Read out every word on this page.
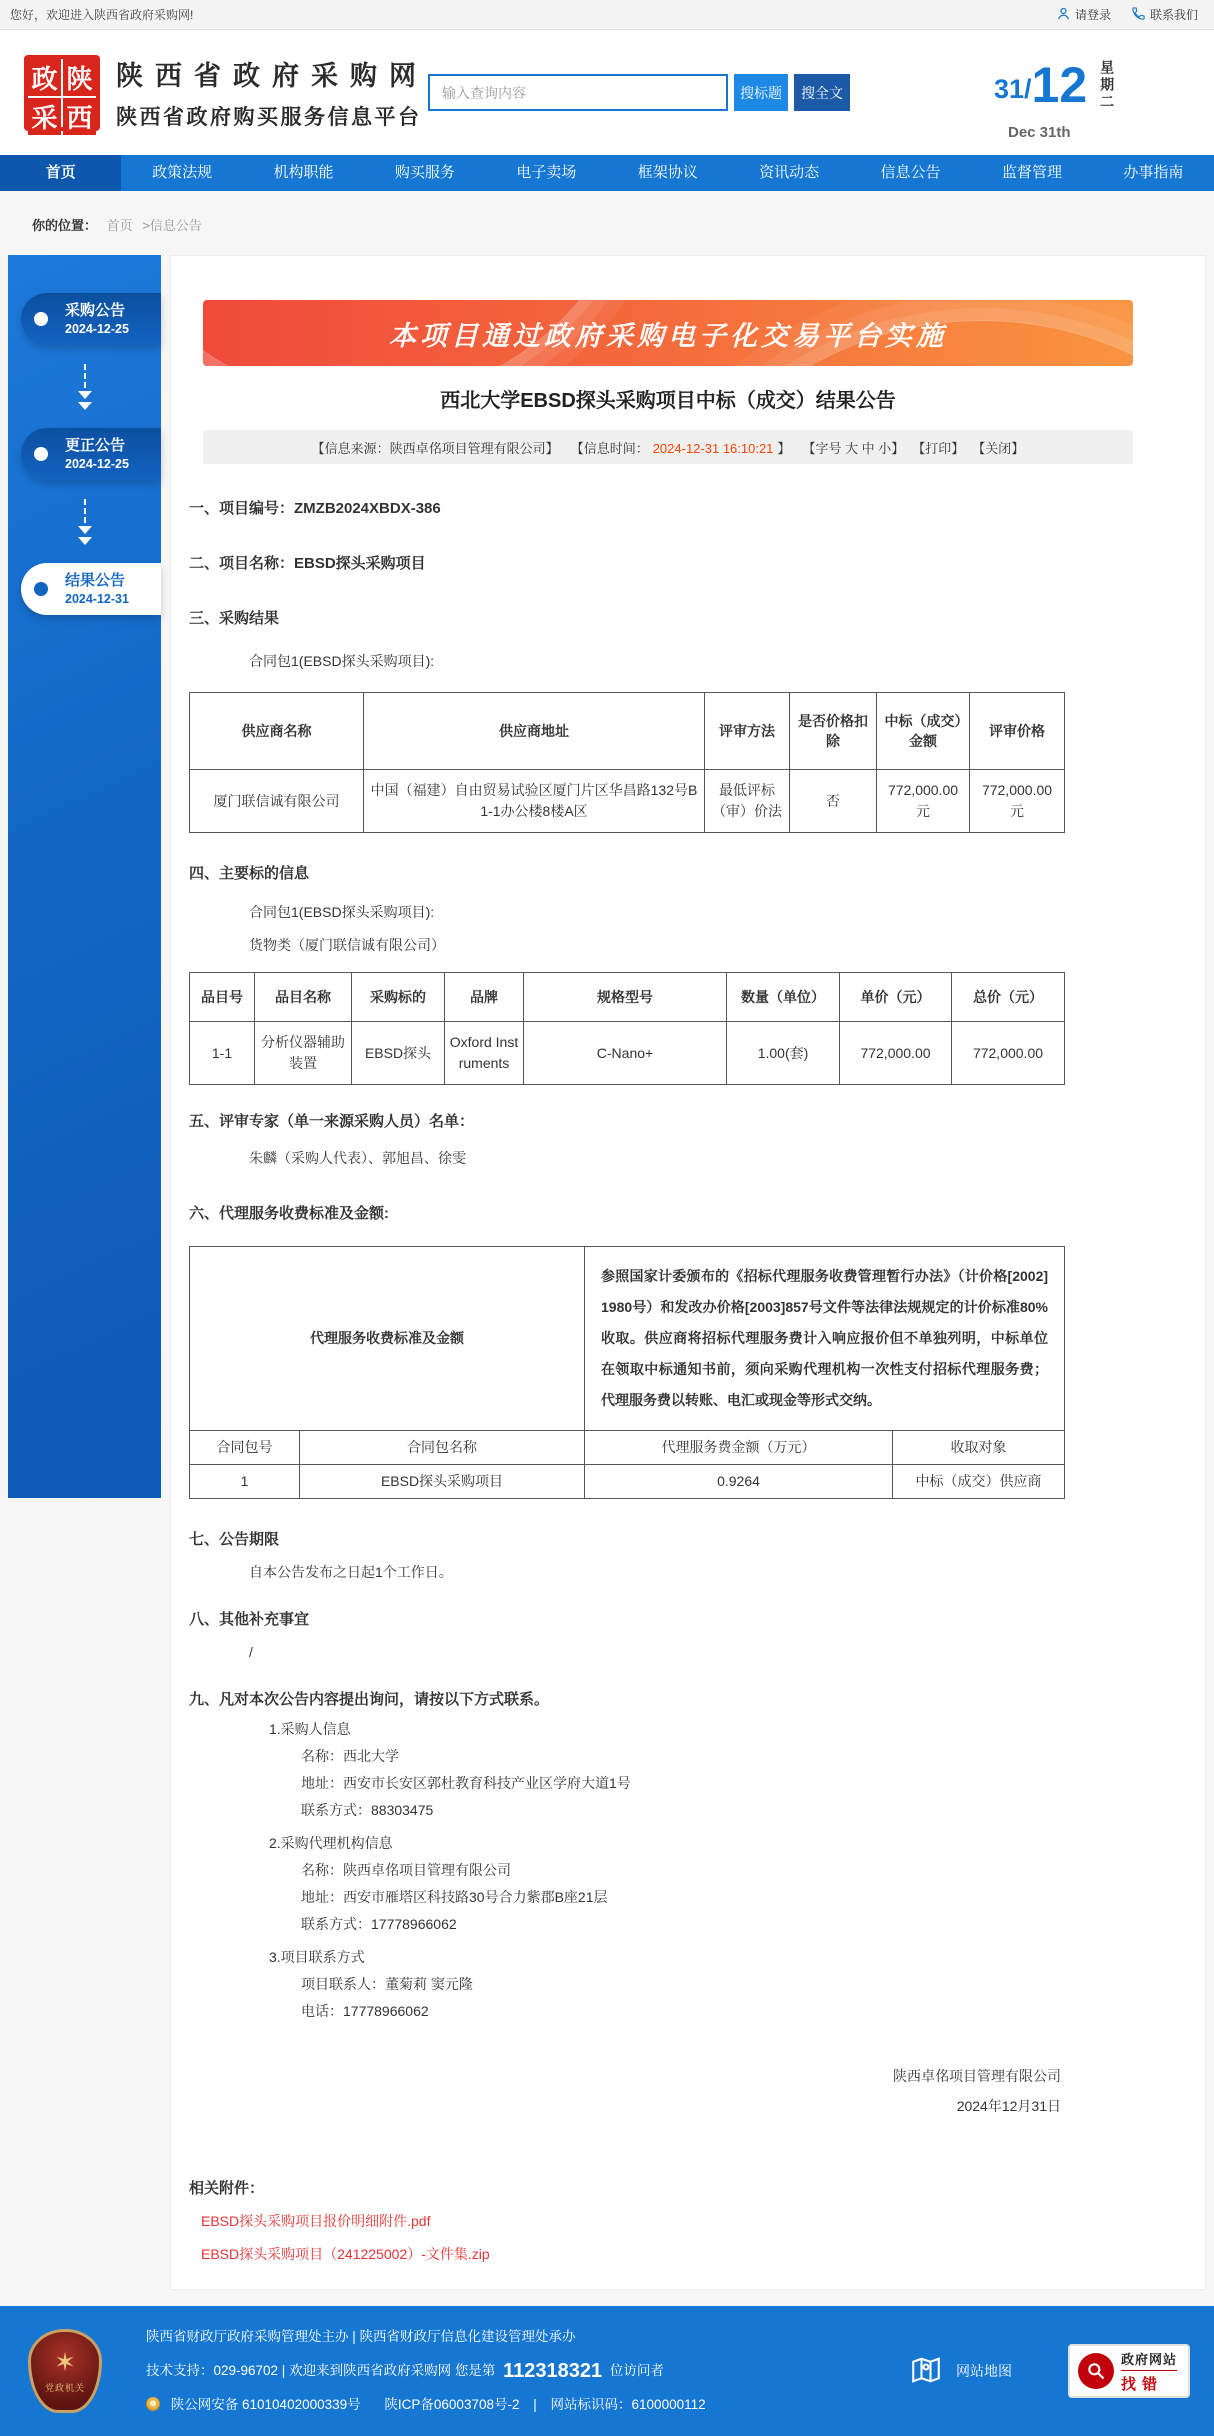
您好，欢迎进入陕西省政府采购网!	请登录	联系我们
政 陕
采 西
陕西省政府采购网
陕西省政府购买服务信息平台
输入查询内容
搜标题	搜全文	31/ 12 星期二
Dec 31th
首页	政策法规	机构职能	购买服务	电子卖场	框架协议	资讯动态	信息公告	监督管理	办事指南
你的位置： 首页 >信息公告
采购公告
2024-12-25
更正公告
2024-12-25
结果公告
2024-12-31
本项目通过政府采购电子化交易平台实施
西北大学EBSD探头采购项目中标（成交）结果公告
【信息来源：陕西卓佲项目管理有限公司】 【信息时间： 2024-12-31 16:10:21 】 【字号 大 中 小】 【打印】 【关闭】
一、项目编号：ZMZB2024XBDX-386
二、项目名称：EBSD探头采购项目
三、采购结果
合同包1(EBSD探头采购项目):
供应商名称	供应商地址	评审方法	是否价格扣除	中标（成交）金额	评审价格
厦门联信诚有限公司	中国（福建）自由贸易试验区厦门片区华昌路132号B1-1办公楼8楼A区	最低评标（审）价法	否	772,000.00元	772,000.00元
四、主要标的信息
合同包1(EBSD探头采购项目):
货物类（厦门联信诚有限公司）
品目号	品目名称	采购标的	品牌	规格型号	数量（单位）	单价（元）	总价（元）
1-1	分析仪器辅助装置	EBSD探头	Oxford Instruments	C-Nano+	1.00(套)	772,000.00	772,000.00
五、评审专家（单一来源采购人员）名单：
朱麟（采购人代表）、郭旭昌、徐雯
六、代理服务收费标准及金额:
代理服务收费标准及金额		参照国家计委颁布的《招标代理服务收费管理暂行办法》（计价格[2002]1980号）和发改办价格[2003]857号文件等法律法规规定的计价标准80%收取。供应商将招标代理服务费计入响应报价但不单独列明，中标单位在领取中标通知书前，须向采购代理机构一次性支付招标代理服务费；代理服务费以转账、电汇或现金等形式交纳。	
合同包号	合同包名称	代理服务费金额（万元）	收取对象
1	EBSD探头采购项目	0.9264	中标（成交）供应商
七、公告期限
自本公告发布之日起1个工作日。
八、其他补充事宜
/
九、凡对本次公告内容提出询问，请按以下方式联系。
1.采购人信息
名称：西北大学
地址：西安市长安区郭杜教育科技产业区学府大道1号
联系方式：88303475
2.采购代理机构信息
名称：陕西卓佲项目管理有限公司
地址：西安市雁塔区科技路30号合力紫郡B座21层
联系方式：17778966062
3.项目联系方式
项目联系人：董菊莉 窦元隆
电话：17778966062
陕西卓佲项目管理有限公司
2024年12月31日
相关附件：
EBSD探头采购项目报价明细附件.pdf
EBSD探头采购项目（241225002）-文件集.zip
✶
党政机关
陕西省财政厅政府采购管理处主办 | 陕西省财政厅信息化建设管理处承办
技术支持：029-96702 | 欢迎来到陕西省政府采购网 您是第 112318321 位访问者
陕公网安备 61010402000339号 陕ICP备06003708号-2 | 网站标识码：6100000112
网站地图
政府网站
找错
